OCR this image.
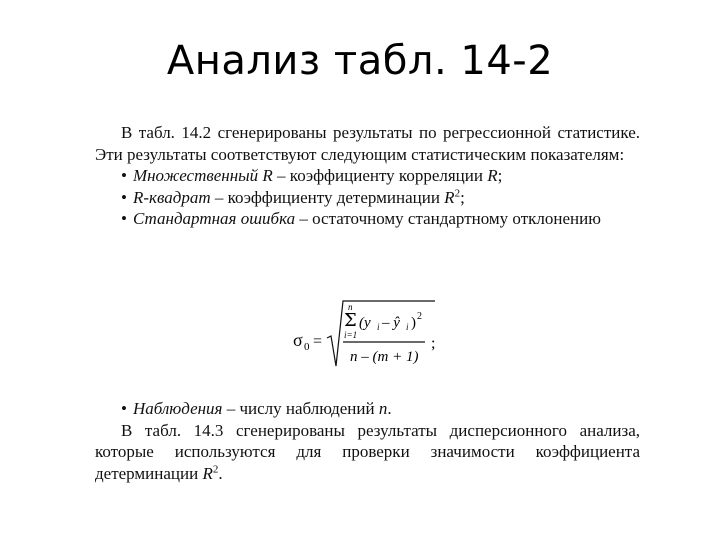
Анализ табл. 14-2

В табл. 14.2 сгенерированы результаты по регрессионной статистике. Эти результаты соответствуют следующим статистическим показателям:

• Множественный R – коэффициенту корреляции R;

• R-квадрат – коэффициенту детерминации $R^2$;

• Стандартная ошибка – остаточному стандартному отклонению

σ 0 =
n
Σ
i=1
(y i – ŷ i ) 2
n – (m + 1)
;

• Наблюдения – числу наблюдений n.

В табл. 14.3 сгенерированы результаты дисперсионного анализа, которые используются для проверки значимости коэффициента детерминации $R^2$.
